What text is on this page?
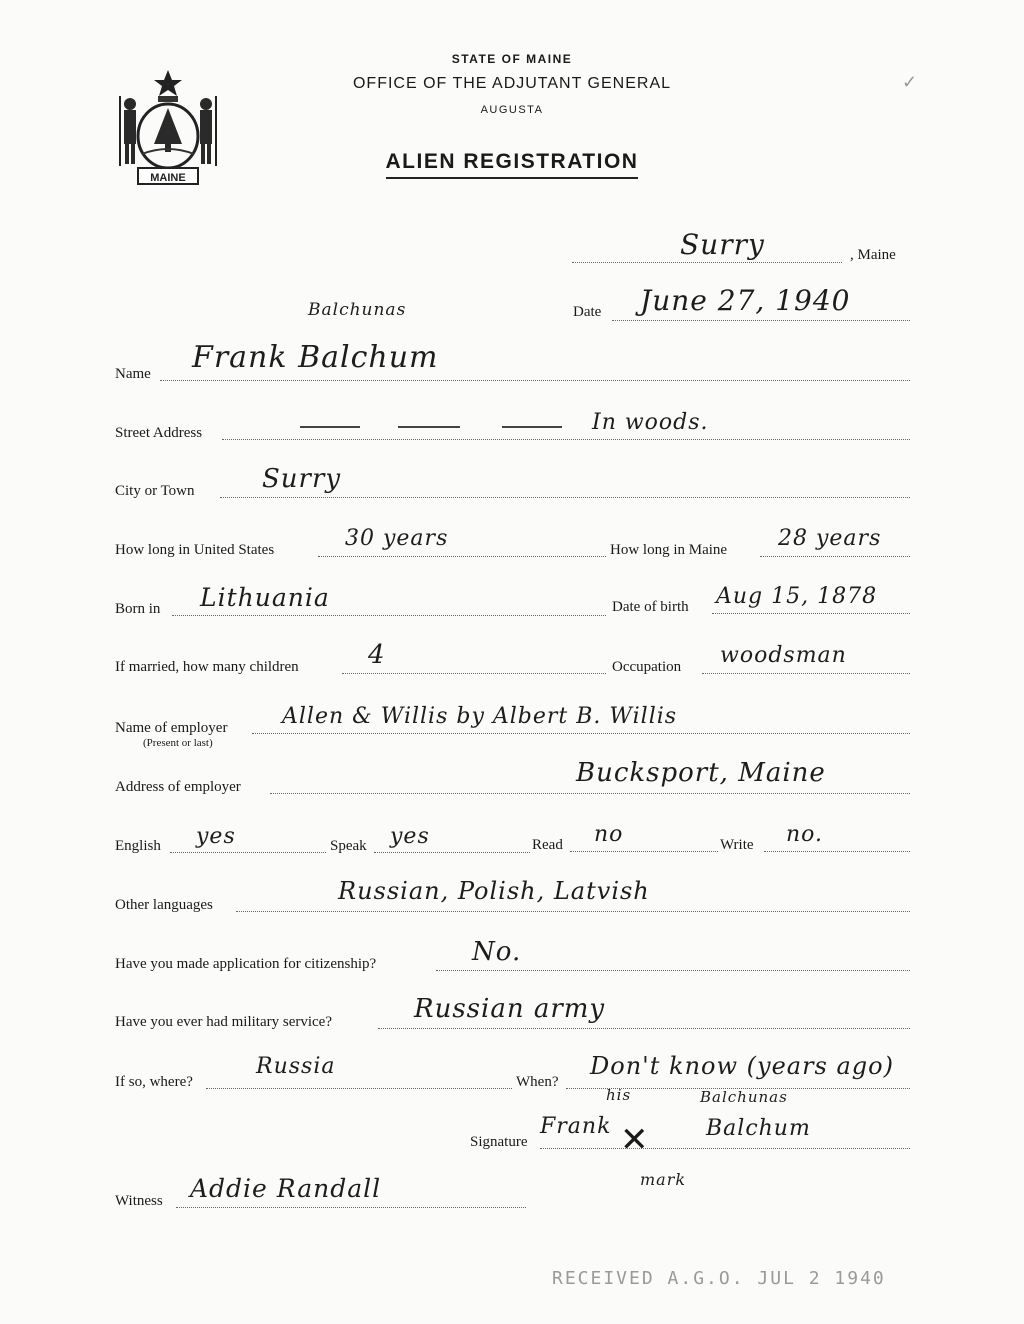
MAINE
STATE OF MAINE
OFFICE OF THE ADJUTANT GENERAL
AUGUSTA
ALIEN REGISTRATION
✓
Surry	, Maine
Date June 27, 1940
Balchunas
Name Frank Balchum
Street Address	In woods.
City or Town	Surry
How long in United States	30 years	How long in Maine 28 years
Born in Lithuania	Date of birth Aug 15, 1878
If married, how many children	4	Occupation woodsman
Name of employer
(Present or last)
Allen & Willis by Albert B. Willis
Address of employer	Bucksport, Maine
English yes	Speak yes	Read no	Write no.
Other languages	Russian, Polish, Latvish
Have you made application for citizenship?	No.
Have you ever had military service?	Russian army
If so, where?
Russia
When?
Don't know (years ago)
his	Balchunas
Signature
Frank ✕	Balchum
mark
Witness Addie Randall
RECEIVED A.G.O. JUL 2 1940
